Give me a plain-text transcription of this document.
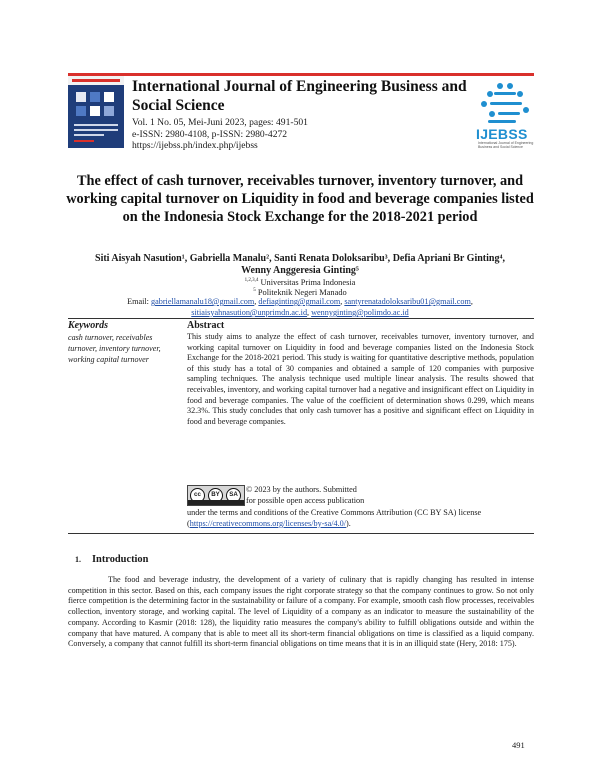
International Journal of Engineering Business and Social Science
Vol. 1 No. 05, Mei-Juni 2023, pages: 491-501
e-ISSN: 2980-4108, p-ISSN: 2980-4272
https://ijebss.ph/index.php/ijebss
IJEBSS
International Journal of Engineering Business and Social Science
The effect of cash turnover, receivables turnover, inventory turnover, and working capital turnover on Liquidity in food and beverage companies listed on the Indonesia Stock Exchange for the 2018-2021 period
Siti Aisyah Nasution¹, Gabriella Manalu², Santi Renata Doloksaribu³, Defia Apriani Br Ginting⁴, Wenny Anggeresia Ginting⁵
$^{1,2,3,4}$ Universitas Prima Indonesia
$^5$ Politeknik Negeri Manado
Email: gabriellamanalu18@gmail.com, defiaginting@gmail.com, santyrenatadoloksaribu01@gmail.com,
sitiaisyahnasution@unprimdn.ac.id, wennyginting@polimdo.ac.id
Keywords
cash turnover, receivables turnover, inventory turnover, working capital turnover
Abstract
This study aims to analyze the effect of cash turnover, receivables turnover, inventory turnover, and working capital turnover on Liquidity in food and beverage companies listed on the Indonesia Stock Exchange for the 2018-2021 period. This study is waiting for quantitative descriptive methods, population of this study has a total of 30 companies and obtained a sample of 120 companies with purposive sampling techniques. The analysis technique used multiple linear analysis. The results showed that receivables, inventory, and working capital turnover had a negative and insignificant effect on Liquidity in food and beverage companies. The value of the coefficient of determination shows 0.299, which means 32.3%. This study concludes that only cash turnover has a positive and significant effect on Liquidity in food and beverage companies.
cc	BY	SA
© 2023 by the authors. Submitted
for possible open access publication
under the terms and conditions of the Creative Commons Attribution (CC BY SA) license (https://creativecommons.org/licenses/by-sa/4.0/).
1. Introduction
The food and beverage industry, the development of a variety of culinary that is rapidly changing has resulted in intense competition in this sector. Based on this, each company issues the right corporate strategy so that the company continues to grow. So not only fierce competition is the determining factor in the sustainability or failure of a company. For example, smooth cash flow processes, receivables collection, inventory storage, and working capital. The level of Liquidity of a company as an indicator to measure the sustainability of the company. According to Kasmir (2018: 128), the liquidity ratio measures the company's ability to fulfill obligations outside and within the company that have matured. A company that is able to meet all its short-term financial obligations on time is classified as a liquid company. Conversely, a company that cannot fulfill its short-term financial obligations on time means that it is in an illiquid state (Hery, 2018: 175).
491
